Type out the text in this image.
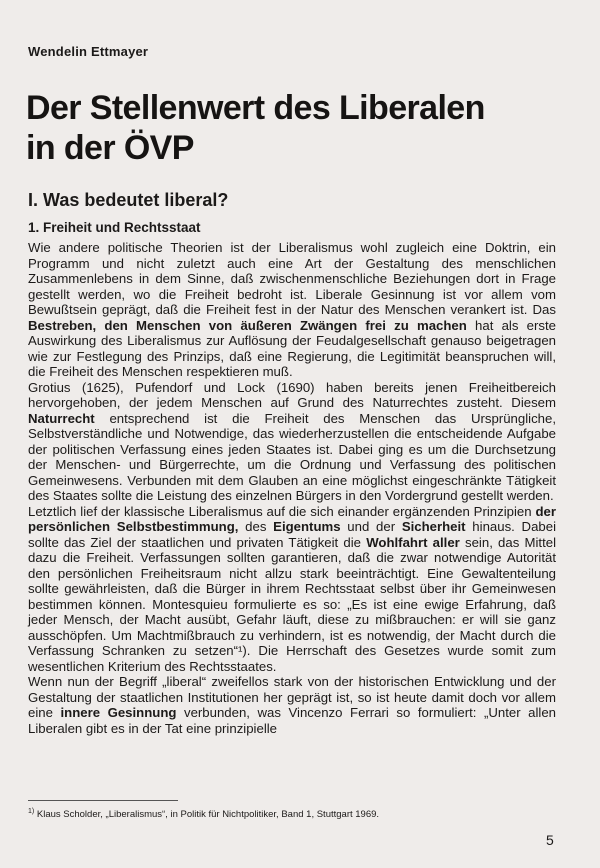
Wendelin Ettmayer
Der Stellenwert des Liberalen
in der ÖVP
I. Was bedeutet liberal?
1. Freiheit und Rechtsstaat

Wie andere politische Theorien ist der Liberalismus wohl zugleich eine Doktrin, ein Programm und nicht zuletzt auch eine Art der Gestaltung des menschlichen Zusammenlebens in dem Sinne, daß zwischenmenschliche Beziehungen dort in Frage gestellt werden, wo die Freiheit bedroht ist. Liberale Gesinnung ist vor allem vom Bewußtsein geprägt, daß die Freiheit fest in der Natur des Menschen verankert ist. Das Bestreben, den Menschen von äußeren Zwängen frei zu machen hat als erste Auswirkung des Liberalismus zur Auflösung der Feudalgesellschaft genauso beigetragen wie zur Festlegung des Prinzips, daß eine Regierung, die Legitimität beanspruchen will, die Freiheit des Menschen respektieren muß.

Grotius (1625), Pufendorf und Lock (1690) haben bereits jenen Freiheitbereich hervorgehoben, der jedem Menschen auf Grund des Naturrechtes zusteht. Diesem Naturrecht entsprechend ist die Freiheit des Menschen das Ursprüngliche, Selbstverständliche und Notwendige, das wiederherzustellen die entscheidende Aufgabe der politischen Verfassung eines jeden Staates ist. Dabei ging es um die Durchsetzung der Menschen- und Bürgerrechte, um die Ordnung und Verfassung des politischen Gemeinwesens. Verbunden mit dem Glauben an eine möglichst eingeschränkte Tätigkeit des Staates sollte die Leistung des einzelnen Bürgers in den Vordergrund gestellt werden.

Letztlich lief der klassische Liberalismus auf die sich einander ergänzenden Prinzipien der persönlichen Selbstbestimmung, des Eigentums und der Sicherheit hinaus. Dabei sollte das Ziel der staatlichen und privaten Tätigkeit die Wohlfahrt aller sein, das Mittel dazu die Freiheit. Verfassungen sollten garantieren, daß die zwar notwendige Autorität den persönlichen Freiheitsraum nicht allzu stark beeinträchtigt. Eine Gewaltenteilung sollte gewährleisten, daß die Bürger in ihrem Rechtsstaat selbst über ihr Gemeinwesen bestimmen können. Montesquieu formulierte es so: „Es ist eine ewige Erfahrung, daß jeder Mensch, der Macht ausübt, Gefahr läuft, diese zu mißbrauchen: er will sie ganz ausschöpfen. Um Machtmißbrauch zu verhindern, ist es notwendig, der Macht durch die Verfassung Schranken zu setzen“¹). Die Herrschaft des Gesetzes wurde somit zum wesentlichen Kriterium des Rechtsstaates.

Wenn nun der Begriff „liberal“ zweifellos stark von der historischen Entwicklung und der Gestaltung der staatlichen Institutionen her geprägt ist, so ist heute damit doch vor allem eine innere Gesinnung verbunden, was Vincenzo Ferrari so formuliert: „Unter allen Liberalen gibt es in der Tat eine prinzipielle

$^{1)}$ Klaus Scholder, „Liberalismus“, in Politik für Nichtpolitiker, Band 1, Stuttgart 1969.
5
